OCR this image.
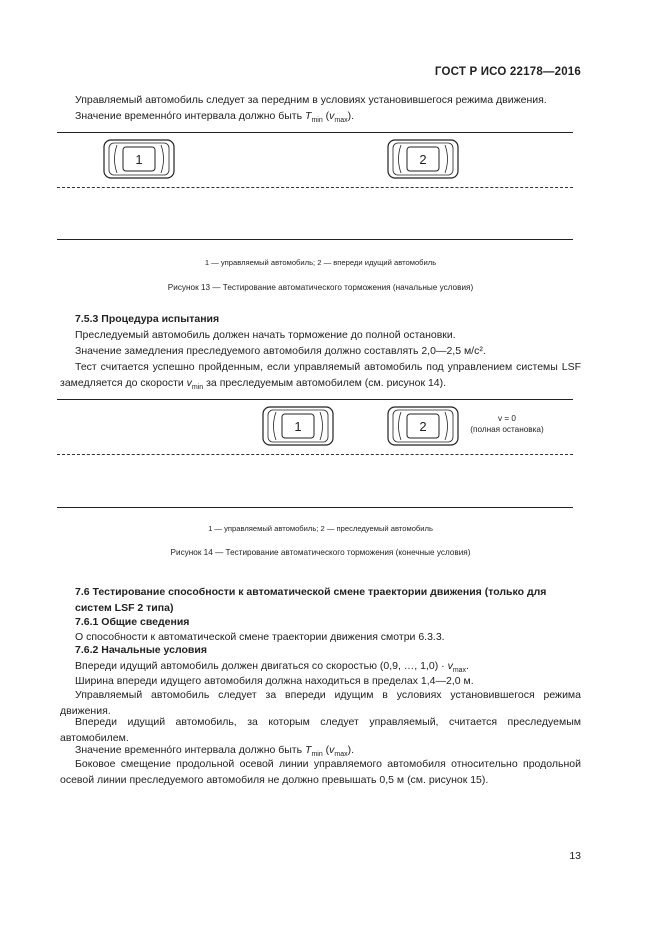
ГОСТ Р ИСО 22178—2016
Управляемый автомобиль следует за передним в условиях установившегося режима движения.
Значение временно́го интервала должно быть $T_{min}$ $(v_{max})$.
1	2
1 — управляемый автомобиль; 2 — впереди идущий автомобиль
Рисунок 13 — Тестирование автоматического торможения (начальные условия)
7.5.3 Процедура испытания
Преследуемый автомобиль должен начать торможение до полной остановки.
Значение замедления преследуемого автомобиля должно составлять 2,0—2,5 м/с².
Тест считается успешно пройденным, если управляемый автомобиль под управлением системы LSF замедляется до скорости $v_{min}$ за преследуемым автомобилем (см. рисунок 14).
1	2
v = 0
(полная остановка)
1 — управляемый автомобиль; 2 — преследуемый автомобиль
Рисунок 14 — Тестирование автоматического торможения (конечные условия)
7.6 Тестирование способности к автоматической смене траектории движения (только для систем LSF 2 типа)
7.6.1 Общие сведения
О способности к автоматической смене траектории движения смотри 6.3.3.
7.6.2 Начальные условия
Впереди идущий автомобиль должен двигаться со скоростью (0,9, …, $1,0) \cdot v_{max}$.
Ширина впереди идущего автомобиля должна находиться в пределах 1,4—2,0 м.
Управляемый автомобиль следует за впереди идущим в условиях установившегося режима движения.
Впереди идущий автомобиль, за которым следует управляемый, считается преследуемым автомобилем.
Значение временно́го интервала должно быть $T_{min}$ $(v_{max})$.
Боковое смещение продольной осевой линии управляемого автомобиля относительно продольной осевой линии преследуемого автомобиля не должно превышать 0,5 м (см. рисунок 15).
13
